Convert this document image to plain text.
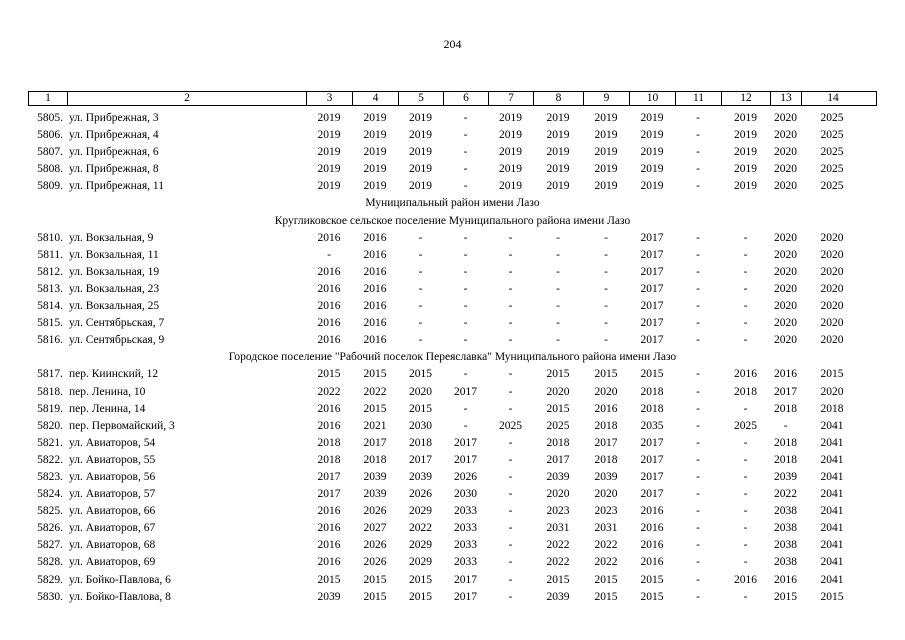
204
1	2	3	4	5	6	7	8	9	10	11	12	13	14
5805. ул. Прибрежная, 3	2019	2019	2019	-	2019	2019	2019	2019	-	2019	2020	2025
5806. ул. Прибрежная, 4	2019	2019	2019	-	2019	2019	2019	2019	-	2019	2020	2025
5807. ул. Прибрежная, 6	2019	2019	2019	-	2019	2019	2019	2019	-	2019	2020	2025
5808. ул. Прибрежная, 8	2019	2019	2019	-	2019	2019	2019	2019	-	2019	2020	2025
5809. ул. Прибрежная, 11	2019	2019	2019	-	2019	2019	2019	2019	-	2019	2020	2025
Муниципальный район имени Лазо
Кругликовское сельское поселение Муниципального района имени Лазо
5810. ул. Вокзальная, 9	2016	2016	-	-	-	-	-	2017	-	-	2020	2020
5811. ул. Вокзальная, 11	-	2016	-	-	-	-	-	2017	-	-	2020	2020
5812. ул. Вокзальная, 19	2016	2016	-	-	-	-	-	2017	-	-	2020	2020
5813. ул. Вокзальная, 23	2016	2016	-	-	-	-	-	2017	-	-	2020	2020
5814. ул. Вокзальная, 25	2016	2016	-	-	-	-	-	2017	-	-	2020	2020
5815. ул. Сентябрьская, 7	2016	2016	-	-	-	-	-	2017	-	-	2020	2020
5816. ул. Сентябрьская, 9	2016	2016	-	-	-	-	-	2017	-	-	2020	2020
Городское поселение "Рабочий поселок Переяславка" Муниципального района имени Лазо
5817. пер. Киинский, 12	2015	2015	2015	-	-	2015	2015	2015	-	2016	2016	2015
5818. пер. Ленина, 10	2022	2022	2020	2017	-	2020	2020	2018	-	2018	2017	2020
5819. пер. Ленина, 14	2016	2015	2015	-	-	2015	2016	2018	-	-	2018	2018
5820. пер. Первомайский, 3	2016	2021	2030	-	2025	2025	2018	2035	-	2025	-	2041
5821. ул. Авиаторов, 54	2018	2017	2018	2017	-	2018	2017	2017	-	-	2018	2041
5822. ул. Авиаторов, 55	2018	2018	2017	2017	-	2017	2018	2017	-	-	2018	2041
5823. ул. Авиаторов, 56	2017	2039	2039	2026	-	2039	2039	2017	-	-	2039	2041
5824. ул. Авиаторов, 57	2017	2039	2026	2030	-	2020	2020	2017	-	-	2022	2041
5825. ул. Авиаторов, 66	2016	2026	2029	2033	-	2023	2023	2016	-	-	2038	2041
5826. ул. Авиаторов, 67	2016	2027	2022	2033	-	2031	2031	2016	-	-	2038	2041
5827. ул. Авиаторов, 68	2016	2026	2029	2033	-	2022	2022	2016	-	-	2038	2041
5828. ул. Авиаторов, 69	2016	2026	2029	2033	-	2022	2022	2016	-	-	2038	2041
5829. ул. Бойко-Павлова, 6	2015	2015	2015	2017	-	2015	2015	2015	-	2016	2016	2041
5830. ул. Бойко-Павлова, 8	2039	2015	2015	2017	-	2039	2015	2015	-	-	2015	2015
